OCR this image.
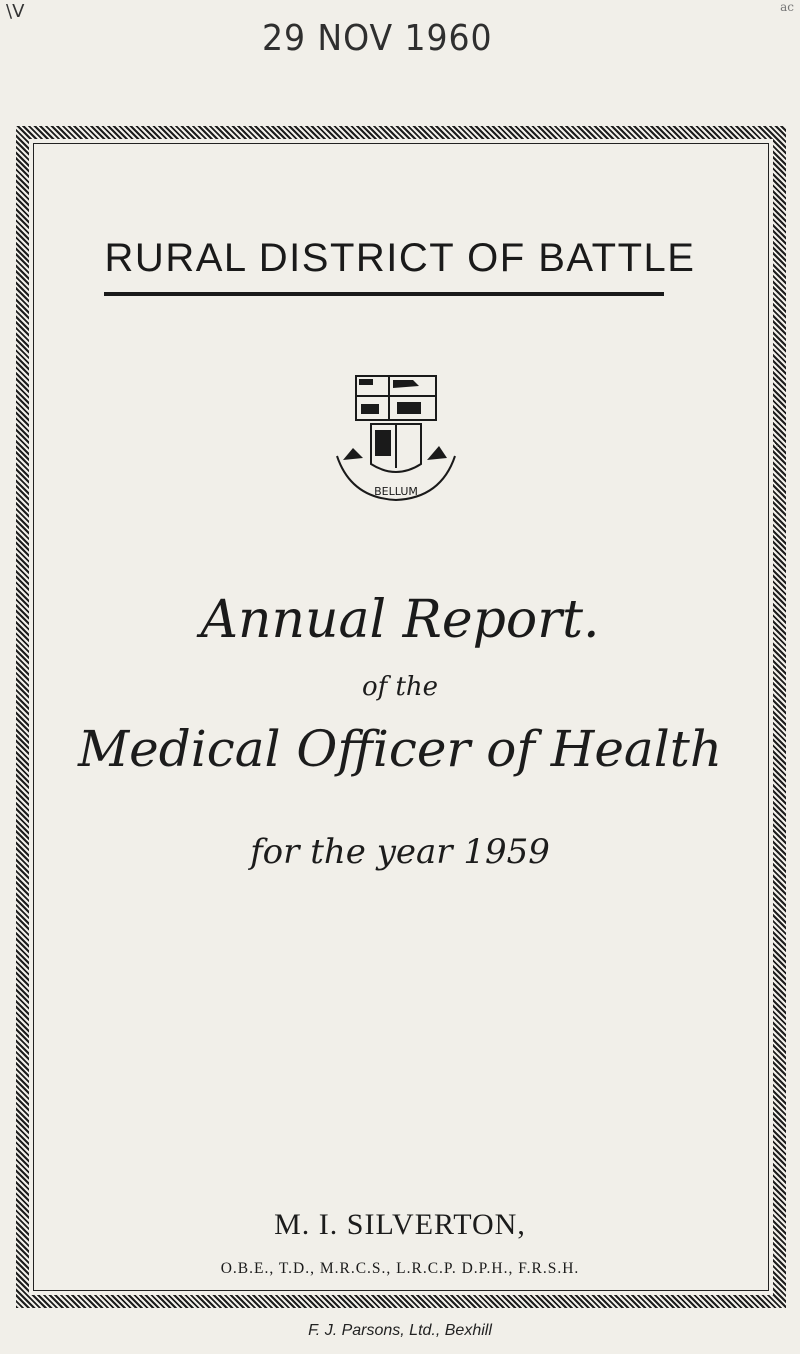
\V	ac
29 NOV 1960
RURAL DISTRICT OF BATTLE
BELLUM
Annual Report.
of the
Medical Officer of Health
for the year 1959
M. I. SILVERTON,
O.B.E., T.D., M.R.C.S., L.R.C.P. D.P.H., F.R.S.H.
F. J. Parsons, Ltd., Bexhill
